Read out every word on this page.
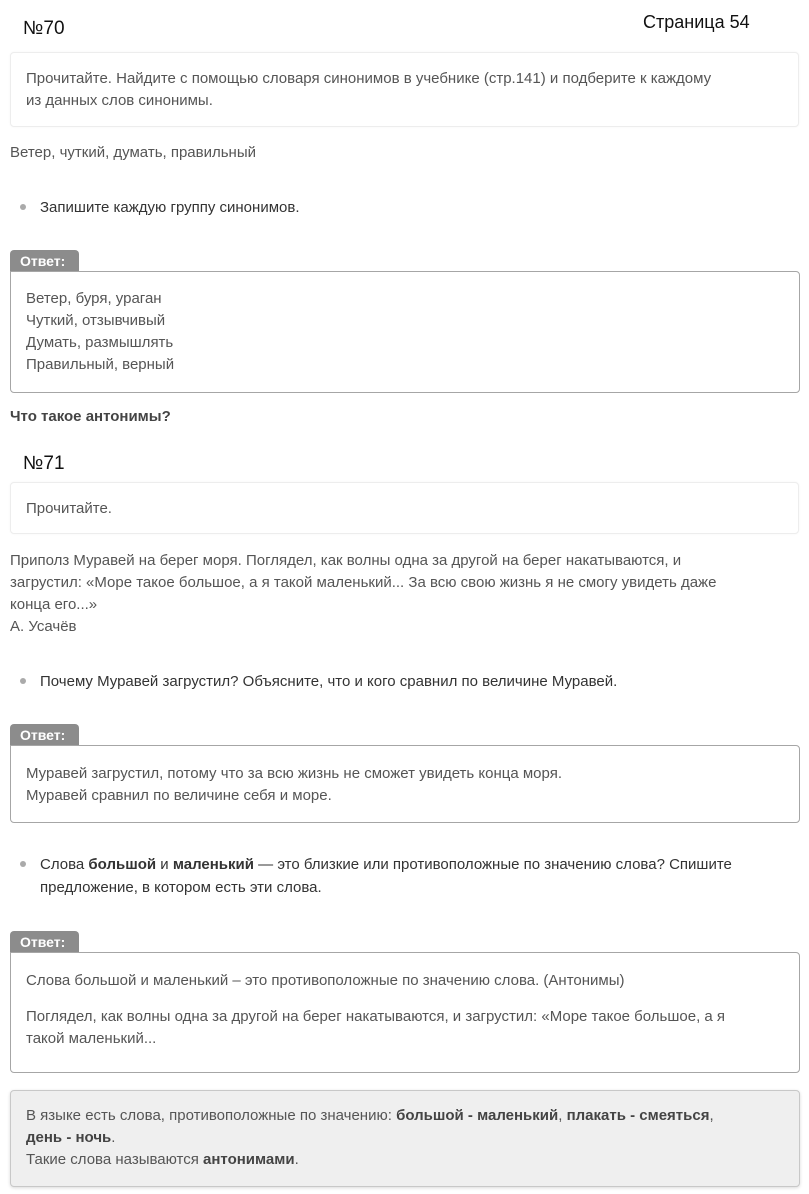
№70	Страница 54
Прочитайте. Найдите с помощью словаря синонимов в учебнике (стр.141) и подберите к каждому
из данных слов синонимы.
Ветер, чуткий, думать, правильный
Запишите каждую группу синонимов.
Ответ:
Ветер, буря, ураган
Чуткий, отзывчивый
Думать, размышлять
Правильный, верный
Что такое антонимы?
№71
Прочитайте.
Приполз Муравей на берег моря. Поглядел, как волны одна за другой на берег накатываются, и
загрустил: «Море такое большое, а я такой маленький... За всю свою жизнь я не смогу увидеть даже
конца его...»
А. Усачёв
Почему Муравей загрустил? Объясните, что и кого сравнил по величине Муравей.
Ответ:
Муравей загрустил, потому что за всю жизнь не сможет увидеть конца моря.
Муравей сравнил по величине себя и море.
Слова большой и маленький — это близкие или противоположные по значению слова? Спишите
предложение, в котором есть эти слова.
Ответ:
Слова большой и маленький – это противоположные по значению слова. (Антонимы)
Поглядел, как волны одна за другой на берег накатываются, и загрустил: «Море такое большое, а я
такой маленький...
В языке есть слова, противоположные по значению: большой - маленький, плакать - смеяться,
день - ночь.
Такие слова называются антонимами.
